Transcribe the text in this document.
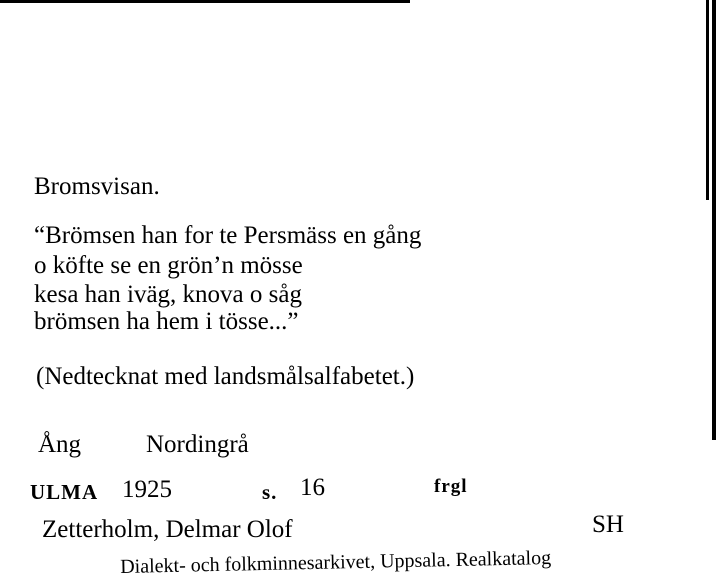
Bromsvisan.
“Brömsen han for te Persmäss en gång
o köfte se en grön’n mösse
kesa han iväg, knova o såg
brömsen ha hem i tösse...”
(Nedtecknat med landsmålsalfabetet.)
Ång	Nordingrå
ULMA 1925	s. 16	frgl
Zetterholm, Delmar Olof	SH
Dialekt- och folkminnesarkivet, Uppsala. Realkatalog
